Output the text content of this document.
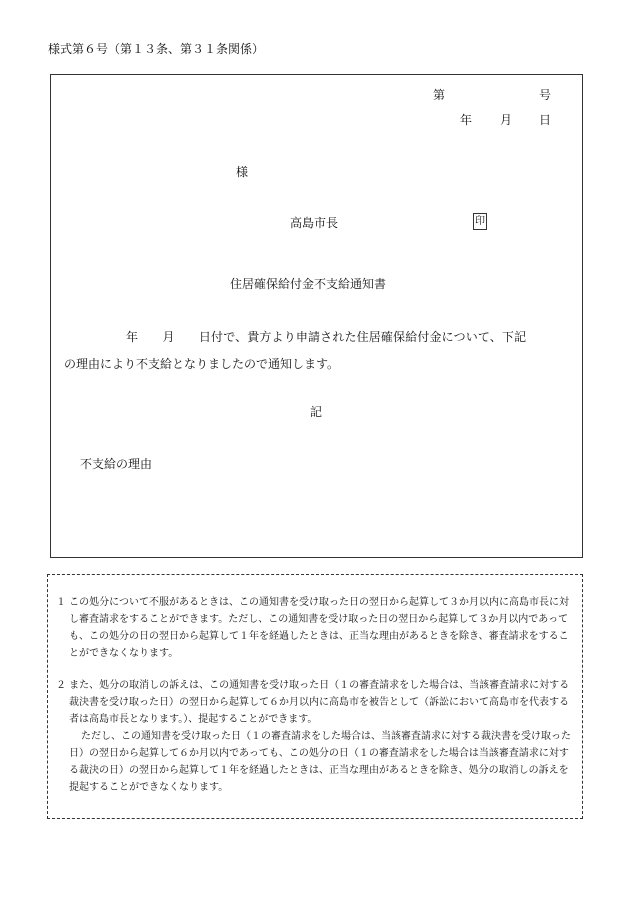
様式第６号（第１３条、第３１条関係）
第	号
年 月 日
様
高島市長	印
住居確保給付金不支給通知書
年　　月　　日付で、貴方より申請された住居確保給付金について、下記
の理由により不支給となりましたので通知します。
記
不支給の理由
１ この処分について不服があるときは、この通知書を受け取った日の翌日から起算して３か月以内に高島市長に対し審査請求をすることができます。ただし、この通知書を受け取った日の翌日から起算して３か月以内であっても、この処分の日の翌日から起算して１年を経過したときは、正当な理由があるときを除き、審査請求をすることができなくなります。
２ また、処分の取消しの訴えは、この通知書を受け取った日（１の審査請求をした場合は、当該審査請求に対する裁決書を受け取った日）の翌日から起算して６か月以内に高島市を被告として（訴訟において高島市を代表する者は高島市長となります。）、提起することができます。
ただし、この通知書を受け取った日（１の審査請求をした場合は、当該審査請求に対する裁決書を受け取った日）の翌日から起算して６か月以内であっても、この処分の日（１の審査請求をした場合は当該審査請求に対する裁決の日）の翌日から起算して１年を経過したときは、正当な理由があるときを除き、処分の取消しの訴えを提起することができなくなります。
